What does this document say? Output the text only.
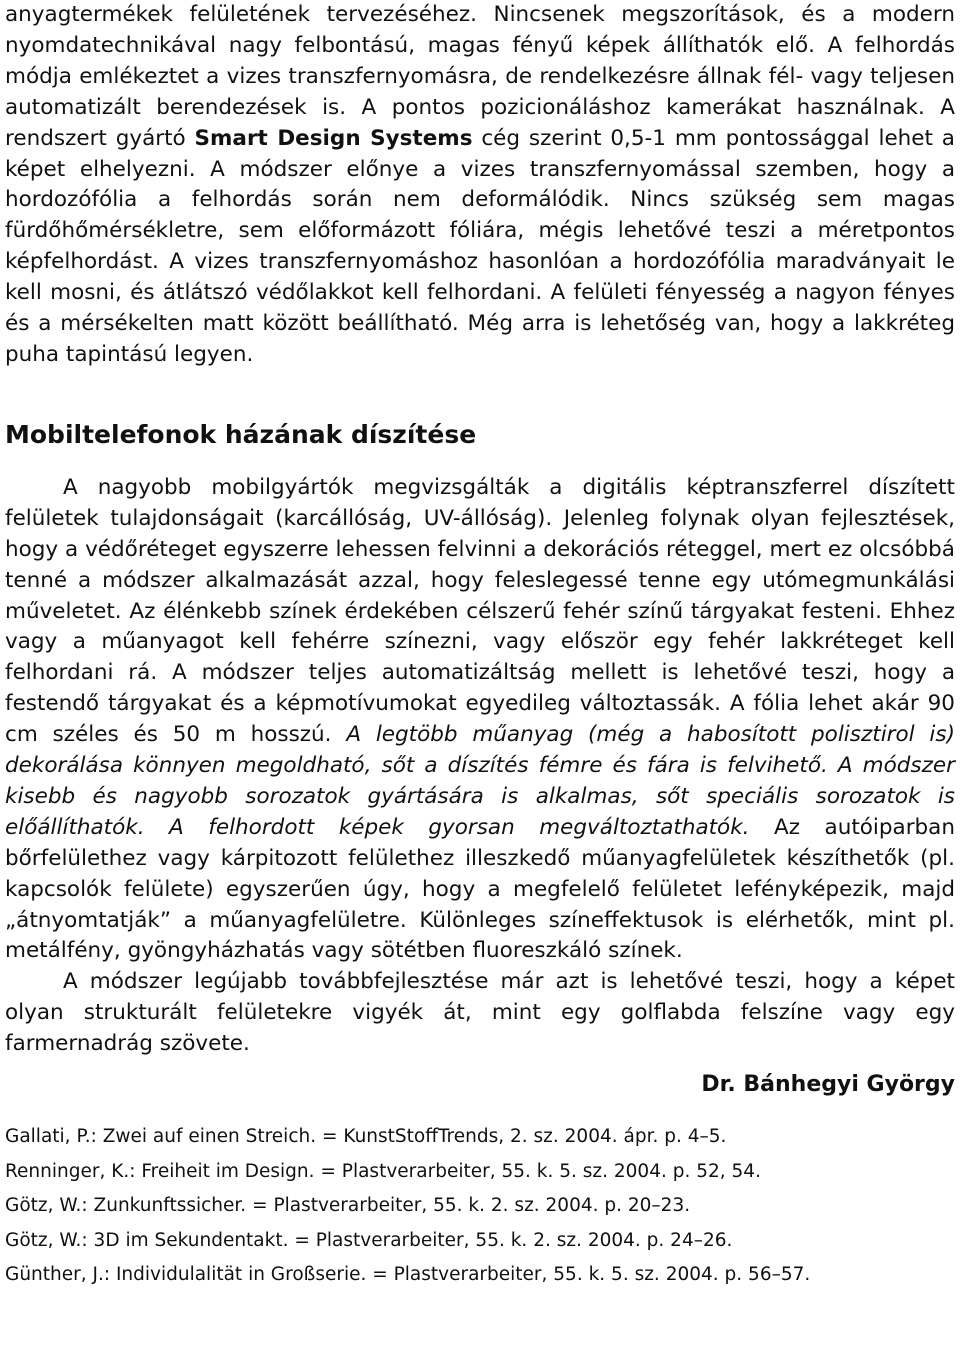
anyagtermékek felületének tervezéséhez. Nincsenek megszorítások, és a modern nyomdatechnikával nagy felbontású, magas fényű képek állíthatók elő. A felhordás módja emlékeztet a vizes transzfernyomásra, de rendelkezésre állnak fél- vagy teljesen automatizált berendezések is. A pontos pozicionáláshoz kamerákat használnak. A rendszert gyártó Smart Design Systems cég szerint 0,5-1 mm pontossággal lehet a képet elhelyezni. A módszer előnye a vizes transzfernyomással szemben, hogy a hordozófólia a felhordás során nem deformálódik. Nincs szükség sem magas fürdőhőmérsékletre, sem előformázott fóliára, mégis lehetővé teszi a méretpontos képfelhordást. A vizes transzfernyomáshoz hasonlóan a hordozófólia maradványait le kell mosni, és átlátszó védőlakkot kell felhordani. A felületi fényesség a nagyon fényes és a mérsékelten matt között beállítható. Még arra is lehetőség van, hogy a lakkréteg puha tapintású legyen.

Mobiltelefonok házának díszítése

A nagyobb mobilgyártók megvizsgálták a digitális képtranszferrel díszített felületek tulajdonságait (karcállóság, UV-állóság). Jelenleg folynak olyan fejlesztések, hogy a védőréteget egyszerre lehessen felvinni a dekorációs réteggel, mert ez olcsóbbá tenné a módszer alkalmazását azzal, hogy feleslegessé tenne egy utómegmunkálási műveletet. Az élénkebb színek érdekében célszerű fehér színű tárgyakat festeni. Ehhez vagy a műanyagot kell fehérre színezni, vagy először egy fehér lakkréteget kell felhordani rá. A módszer teljes automatizáltság mellett is lehetővé teszi, hogy a festendő tárgyakat és a képmotívumokat egyedileg változtassák. A fólia lehet akár 90 cm széles és 50 m hosszú. A legtöbb műanyag (még a habosított polisztirol is) dekorálása könnyen megoldható, sőt a díszítés fémre és fára is felvihető. A módszer kisebb és nagyobb sorozatok gyártására is alkalmas, sőt speciális sorozatok is előállíthatók. A felhordott képek gyorsan megváltoztathatók. Az autóiparban bőrfelülethez vagy kárpitozott felülethez illeszkedő műanyagfelületek készíthetők (pl. kapcsolók felülete) egyszerűen úgy, hogy a megfelelő felületet lefényképezik, majd „átnyomtatják” a műanyagfelületre. Különleges színeffektusok is elérhetők, mint pl. metálfény, gyöngyházhatás vagy sötétben fluoreszkáló színek.

A módszer legújabb továbbfejlesztése már azt is lehetővé teszi, hogy a képet olyan strukturált felületekre vigyék át, mint egy golflabda felszíne vagy egy farmernadrág szövete.

Dr. Bánhegyi György
Gallati, P.: Zwei auf einen Streich. = KunstStoffTrends, 2. sz. 2004. ápr. p. 4–5.
Renninger, K.: Freiheit im Design. = Plastverarbeiter, 55. k. 5. sz. 2004. p. 52, 54.
Götz, W.: Zunkunftssicher. = Plastverarbeiter, 55. k. 2. sz. 2004. p. 20–23.
Götz, W.: 3D im Sekundentakt. = Plastverarbeiter, 55. k. 2. sz. 2004. p. 24–26.
Günther, J.: Individulalität in Großserie. = Plastverarbeiter, 55. k. 5. sz. 2004. p. 56–57.
